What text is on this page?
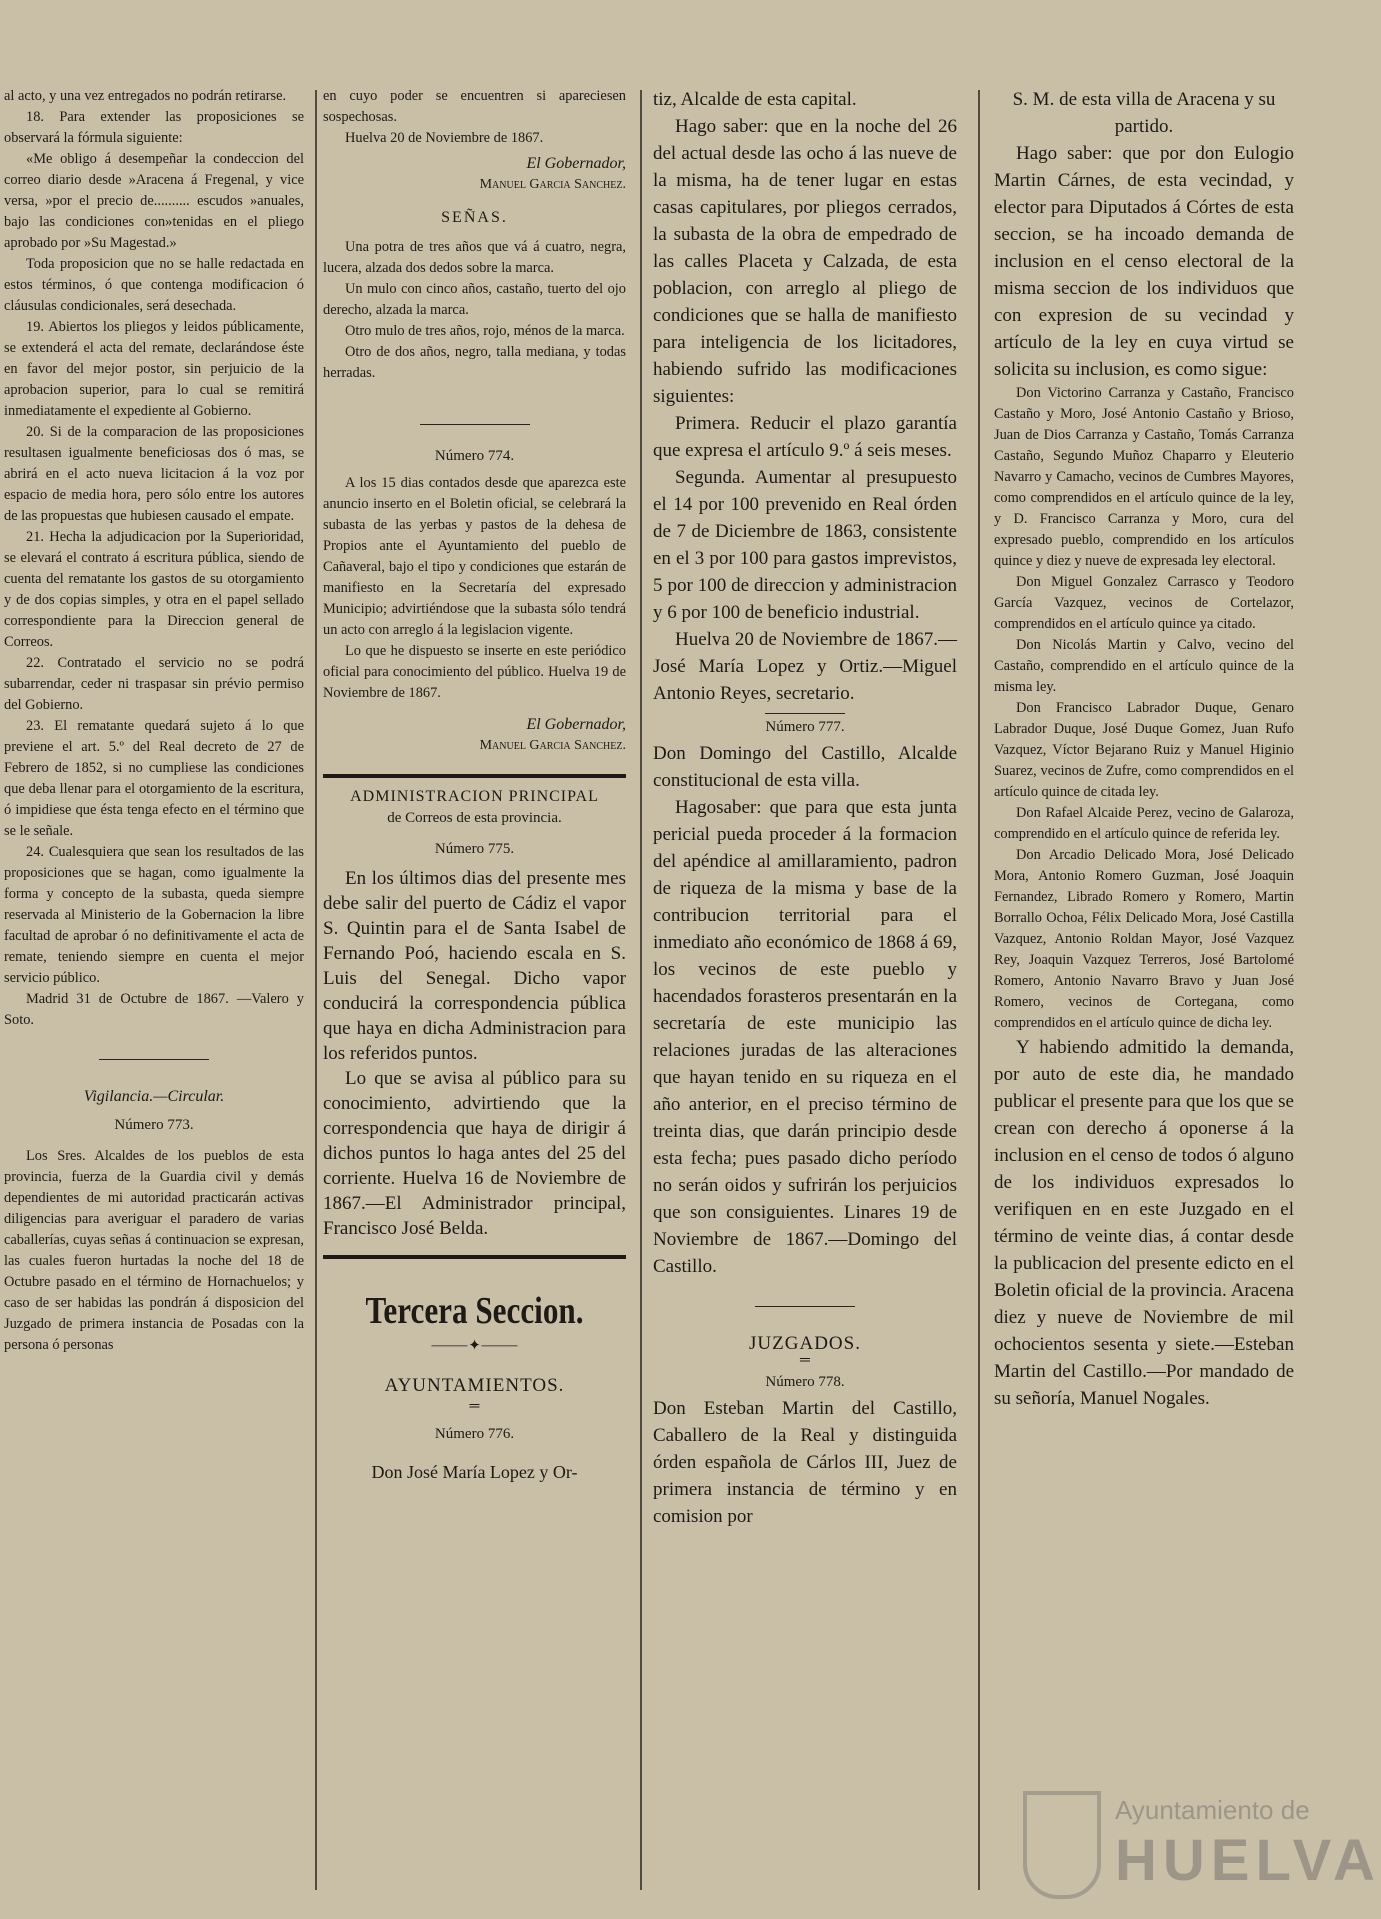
al acto, y una vez entregados no podrán retirarse.

18. Para extender las proposiciones se observará la fórmula siguiente:

«Me obligo á desempeñar la condeccion del correo diario desde »Aracena á Fregenal, y vice versa, »por el precio de.......... escudos »anuales, bajo las condiciones con»tenidas en el pliego aprobado por »Su Magestad.»

Toda proposicion que no se halle redactada en estos términos, ó que contenga modificacion ó cláusulas condicionales, será desechada.

19. Abiertos los pliegos y leidos públicamente, se extenderá el acta del remate, declarándose éste en favor del mejor postor, sin perjuicio de la aprobacion superior, para lo cual se remitirá inmediatamente el expediente al Gobierno.

20. Si de la comparacion de las proposiciones resultasen igualmente beneficiosas dos ó mas, se abrirá en el acto nueva licitacion á la voz por espacio de media hora, pero sólo entre los autores de las propuestas que hubiesen causado el empate.

21. Hecha la adjudicacion por la Superioridad, se elevará el contrato á escritura pública, siendo de cuenta del rematante los gastos de su otorgamiento y de dos copias simples, y otra en el papel sellado correspondiente para la Direccion general de Correos.

22. Contratado el servicio no se podrá subarrendar, ceder ni traspasar sin prévio permiso del Gobierno.

23. El rematante quedará sujeto á lo que previene el art. 5.º del Real decreto de 27 de Febrero de 1852, si no cumpliese las condiciones que deba llenar para el otorgamiento de la escritura, ó impidiese que ésta tenga efecto en el término que se le señale.

24. Cualesquiera que sean los resultados de las proposiciones que se hagan, como igualmente la forma y concepto de la subasta, queda siempre reservada al Ministerio de la Gobernacion la libre facultad de aprobar ó no definitivamente el acta de remate, teniendo siempre en cuenta el mejor servicio público.

Madrid 31 de Octubre de 1867. —Valero y Soto.

Vigilancia.—Circular.
Número 773.

Los Sres. Alcaldes de los pueblos de esta provincia, fuerza de la Guardia civil y demás dependientes de mi autoridad practicarán activas diligencias para averiguar el paradero de varias caballerías, cuyas señas á continuacion se expresan, las cuales fueron hurtadas la noche del 18 de Octubre pasado en el término de Hornachuelos; y caso de ser habidas las pondrán á disposicion del Juzgado de primera instancia de Posadas con la persona ó personas

en cuyo poder se encuentren si apareciesen sospechosas.

Huelva 20 de Noviembre de 1867.

El Gobernador,
Manuel Garcia Sanchez.
SEÑAS.

Una potra de tres años que vá á cuatro, negra, lucera, alzada dos dedos sobre la marca.

Un mulo con cinco años, castaño, tuerto del ojo derecho, alzada la marca.

Otro mulo de tres años, rojo, ménos de la marca.

Otro de dos años, negro, talla mediana, y todas herradas.

Número 774.

A los 15 dias contados desde que aparezca este anuncio inserto en el Boletin oficial, se celebrará la subasta de las yerbas y pastos de la dehesa de Propios ante el Ayuntamiento del pueblo de Cañaveral, bajo el tipo y condiciones que estarán de manifiesto en la Secretaría del expresado Municipio; advirtiéndose que la subasta sólo tendrá un acto con arreglo á la legislacion vigente.

Lo que he dispuesto se inserte en este periódico oficial para conocimiento del público. Huelva 19 de Noviembre de 1867.

El Gobernador,
Manuel Garcia Sanchez.
ADMINISTRACION PRINCIPAL
de Correos de esta provincia.
Número 775.

En los últimos dias del presente mes debe salir del puerto de Cádiz el vapor S. Quintin para el de Santa Isabel de Fernando Poó, haciendo escala en S. Luis del Senegal. Dicho vapor conducirá la correspondencia pública que haya en dicha Administracion para los referidos puntos.

Lo que se avisa al público para su conocimiento, advirtiendo que la correspondencia que haya de dirigir á dichos puntos lo haga antes del 25 del corriente. Huelva 16 de Noviembre de 1867.—El Administrador principal, Francisco José Belda.

Tercera Seccion.
⸻✦⸻
AYUNTAMIENTOS.
═
Número 776.

Don José María Lopez y Or-

tiz, Alcalde de esta capital.

Hago saber: que en la noche del 26 del actual desde las ocho á las nueve de la misma, ha de tener lugar en estas casas capitulares, por pliegos cerrados, la subasta de la obra de empedrado de las calles Placeta y Calzada, de esta poblacion, con arreglo al pliego de condiciones que se halla de manifiesto para inteligencia de los licitadores, habiendo sufrido las modificaciones siguientes:

Primera. Reducir el plazo garantía que expresa el artículo 9.º á seis meses.

Segunda. Aumentar al presupuesto el 14 por 100 prevenido en Real órden de 7 de Diciembre de 1863, consistente en el 3 por 100 para gastos imprevistos, 5 por 100 de direccion y administracion y 6 por 100 de beneficio industrial.

Huelva 20 de Noviembre de 1867.—José María Lopez y Ortiz.—Miguel Antonio Reyes, secretario.

Número 777.

Don Domingo del Castillo, Alcalde constitucional de esta villa.

Hagosaber: que para que esta junta pericial pueda proceder á la formacion del apéndice al amillaramiento, padron de riqueza de la misma y base de la contribucion territorial para el inmediato año económico de 1868 á 69, los vecinos de este pueblo y hacendados forasteros presentarán en la secretaría de este municipio las relaciones juradas de las alteraciones que hayan tenido en su riqueza en el año anterior, en el preciso término de treinta dias, que darán principio desde esta fecha; pues pasado dicho período no serán oidos y sufrirán los perjuicios que son consiguientes. Linares 19 de Noviembre de 1867.—Domingo del Castillo.

JUZGADOS.
═
Número 778.

Don Esteban Martin del Castillo, Caballero de la Real y distinguida órden española de Cárlos III, Juez de primera instancia de término y en comision por

S. M. de esta villa de Aracena y su partido.

Hago saber: que por don Eulogio Martin Cárnes, de esta vecindad, y elector para Diputados á Córtes de esta seccion, se ha incoado demanda de inclusion en el censo electoral de la misma seccion de los individuos que con expresion de su vecindad y artículo de la ley en cuya virtud se solicita su inclusion, es como sigue:

Don Victorino Carranza y Castaño, Francisco Castaño y Moro, José Antonio Castaño y Brioso, Juan de Dios Carranza y Castaño, Tomás Carranza Castaño, Segundo Muñoz Chaparro y Eleuterio Navarro y Camacho, vecinos de Cumbres Mayores, como comprendidos en el artículo quince de la ley, y D. Francisco Carranza y Moro, cura del expresado pueblo, comprendido en los artículos quince y diez y nueve de expresada ley electoral.

Don Miguel Gonzalez Carrasco y Teodoro García Vazquez, vecinos de Cortelazor, comprendidos en el artículo quince ya citado.

Don Nicolás Martin y Calvo, vecino del Castaño, comprendido en el artículo quince de la misma ley.

Don Francisco Labrador Duque, Genaro Labrador Duque, José Duque Gomez, Juan Rufo Vazquez, Víctor Bejarano Ruiz y Manuel Higinio Suarez, vecinos de Zufre, como comprendidos en el artículo quince de citada ley.

Don Rafael Alcaide Perez, vecino de Galaroza, comprendido en el artículo quince de referida ley.

Don Arcadio Delicado Mora, José Delicado Mora, Antonio Romero Guzman, José Joaquin Fernandez, Librado Romero y Romero, Martin Borrallo Ochoa, Félix Delicado Mora, José Castilla Vazquez, Antonio Roldan Mayor, José Vazquez Rey, Joaquin Vazquez Terreros, José Bartolomé Romero, Antonio Navarro Bravo y Juan José Romero, vecinos de Cortegana, como comprendidos en el artículo quince de dicha ley.

Y habiendo admitido la demanda, por auto de este dia, he mandado publicar el presente para que los que se crean con derecho á oponerse á la inclusion en el censo de todos ó alguno de los individuos expresados lo verifiquen en en este Juzgado en el término de veinte dias, á contar desde la publicacion del presente edicto en el Boletin oficial de la provincia. Aracena diez y nueve de Noviembre de mil ochocientos sesenta y siete.—Esteban Martin del Castillo.—Por mandado de su señoría, Manuel Nogales.

Ayuntamiento de
HUELVA
